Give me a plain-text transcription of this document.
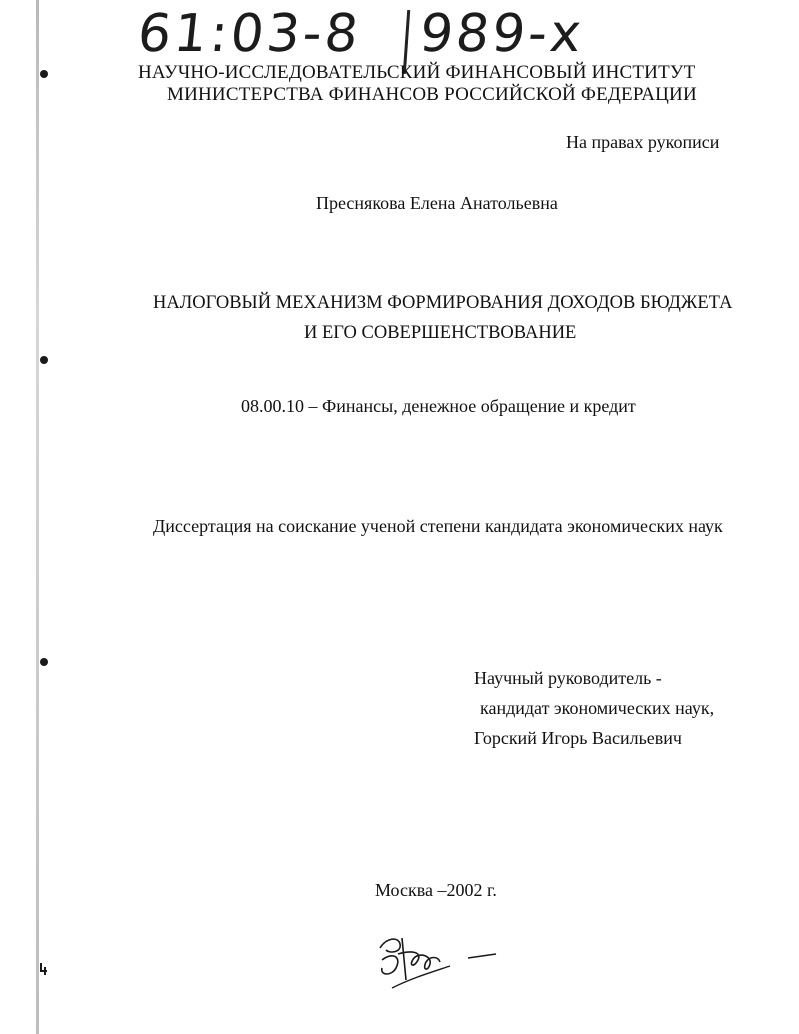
61:03-8 989-x
НАУЧНО-ИССЛЕДОВАТЕЛЬСКИЙ ФИНАНСОВЫЙ ИНСТИТУТ
МИНИСТЕРСТВА ФИНАНСОВ РОССИЙСКОЙ ФЕДЕРАЦИИ
На правах рукописи
Преснякова Елена Анатольевна
НАЛОГОВЫЙ МЕХАНИЗМ ФОРМИРОВАНИЯ ДОХОДОВ БЮДЖЕТА
И ЕГО СОВЕРШЕНСТВОВАНИЕ
08.00.10 – Финансы, денежное обращение и кредит
Диссертация на соискание ученой степени кандидата экономических наук
Научный руководитель -
кандидат экономических наук,
Горский Игорь Васильевич
Москва –2002 г.
